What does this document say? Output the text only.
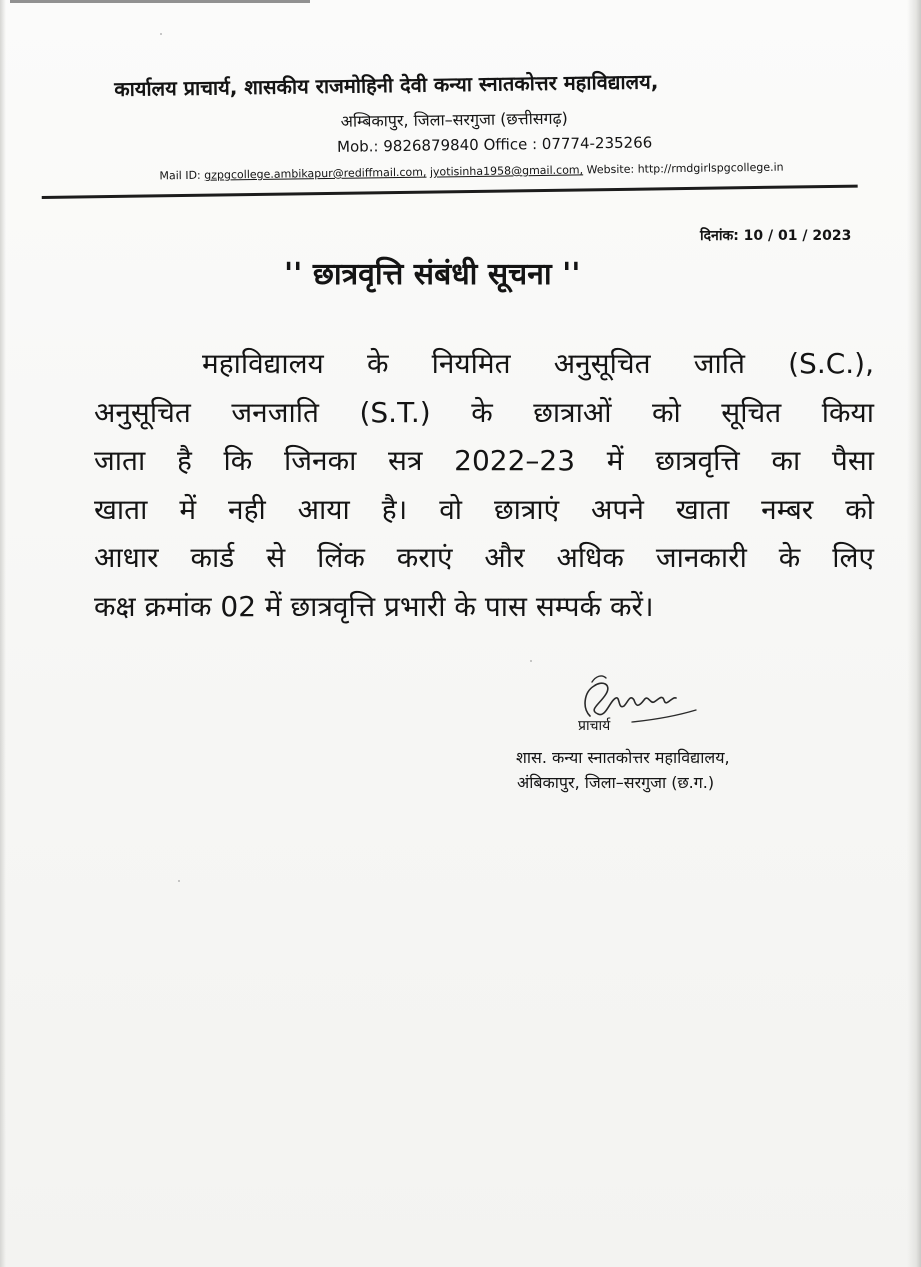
कार्यालय प्राचार्य, शासकीय राजमोहिनी देवी कन्या स्नातकोत्तर महाविद्यालय,
अम्बिकापुर, जिला–सरगुजा (छत्तीसगढ़)
Mob.: 9826879840 Office : 07774-235266
Mail ID: gzpgcollege.ambikapur@rediffmail.com, jyotisinha1958@gmail.com, Website: http://rmdgirlspgcollege.in
दिनांक: 10 / 01 / 2023
'' छात्रवृत्ति संबंधी सूचना ''
महाविद्यालय के नियमित अनुसूचित जाति (S.C.),
अनुसूचित जनजाति (S.T.) के छात्राओं को सूचित किया
जाता है कि जिनका सत्र 2022–23 में छात्रवृत्ति का पैसा
खाता में नही आया है। वो छात्राएं अपने खाता नम्बर को
आधार कार्ड से लिंक कराएं और अधिक जानकारी के लिए
कक्ष क्रमांक 02 में छात्रवृत्ति प्रभारी के पास सम्पर्क करें।
प्राचार्य
शास. कन्या स्नातकोत्तर महाविद्यालय,
अंबिकापुर, जिला–सरगुजा (छ.ग.)
